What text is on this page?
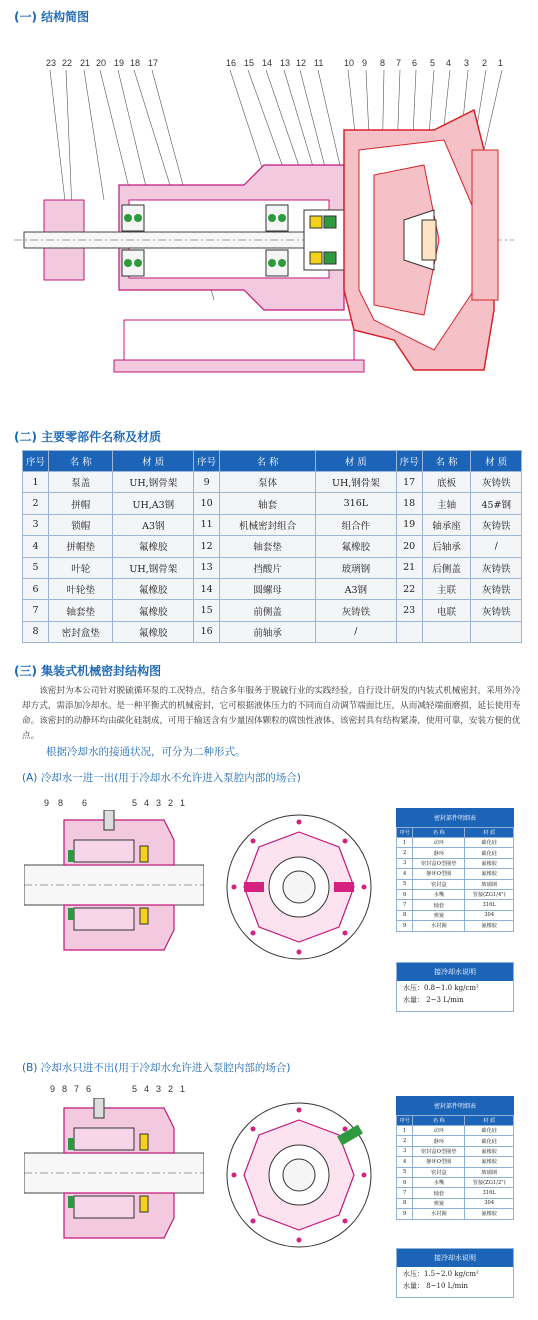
(一) 结构简图
23 22 21 20 19 18 17	16 15 14 13 12 11 10 9 8 7 6 5 4 3 2 1
(二) 主要零部件名称及材质
序号	名 称	材 质	序号	名 称	材 质	序号	名 称	材 质
1	泵盖	UH,钢骨架	9	泵体	UH,钢骨架	17	底板	灰铸铁
2	拼帽	UH,A3钢	10	轴套	316L	18	主轴	45#钢
3	锁帽	A3钢	11	机械密封组合	组合件	19	轴承座	灰铸铁
4	拼帽垫	氟橡胶	12	轴套垫	氟橡胶	20	后轴承	/
5	叶轮	UH,钢骨架	13	挡酸片	玻璃钢	21	后侧盖	灰铸铁
6	叶轮垫	氟橡胶	14	圆螺母	A3钢	22	主联	灰铸铁
7	轴套垫	氟橡胶	15	前侧盖	灰铸铁	23	电联	灰铸铁
8	密封盒垫	氟橡胶	16	前轴承	/			
(三) 集装式机械密封结构图
该密封为本公司针对脱硫循环泵的工况特点，结合多年服务于脱硫行业的实践经验，自行设计研发的内装式机械密封，采用外冷却方式，需添加冷却水。是一种平衡式的机械密封，它可根据液体压力的不同而自动调节端面比压，从而减轻端面磨损，延长使用寿命。该密封的动静环均由碳化硅制成，可用于输送含有少量固体颗粒的腐蚀性液体。该密封具有结构紧凑，使用可靠，安装方便的优点。
根据冷却水的接通状况，可分为二种形式。
(A) 冷却水一进一出(用于冷却水不允许进入泵腔内部的场合)
9 8 6	5 4 3 2 1
密封部件明细表
序号	名 称	材 质
1	动环	碳化硅
2	静环	碳化硅
3	密封盒O型圈垫	氟橡胶
4	静环O型圈	氟橡胶
5	密封盒	玻璃钢
6	水嘴	管接(ZG1/4")
7	轴套	316L
8	弹簧	304
9	水封圈	氟橡胶
接冷却水说明
水压：0.8~1.0 kg/cm²
水量： 2~3 L/min
(B) 冷却水只进不出(用于冷却水允许进入泵腔内部的场合)
9 8 7 6	5 4 3 2 1
密封部件明细表
序号	名 称	材 质
1	动环	碳化硅
2	静环	碳化硅
3	密封盒O型圈垫	氟橡胶
4	静环O型圈	氟橡胶
5	密封盒	玻璃钢
6	水嘴	管接(ZG1/2")
7	轴套	316L
8	弹簧	304
9	水封圈	氟橡胶
接冷却水说明
水压：1.5~2.0 kg/cm²
水量： 8~10 L/min
